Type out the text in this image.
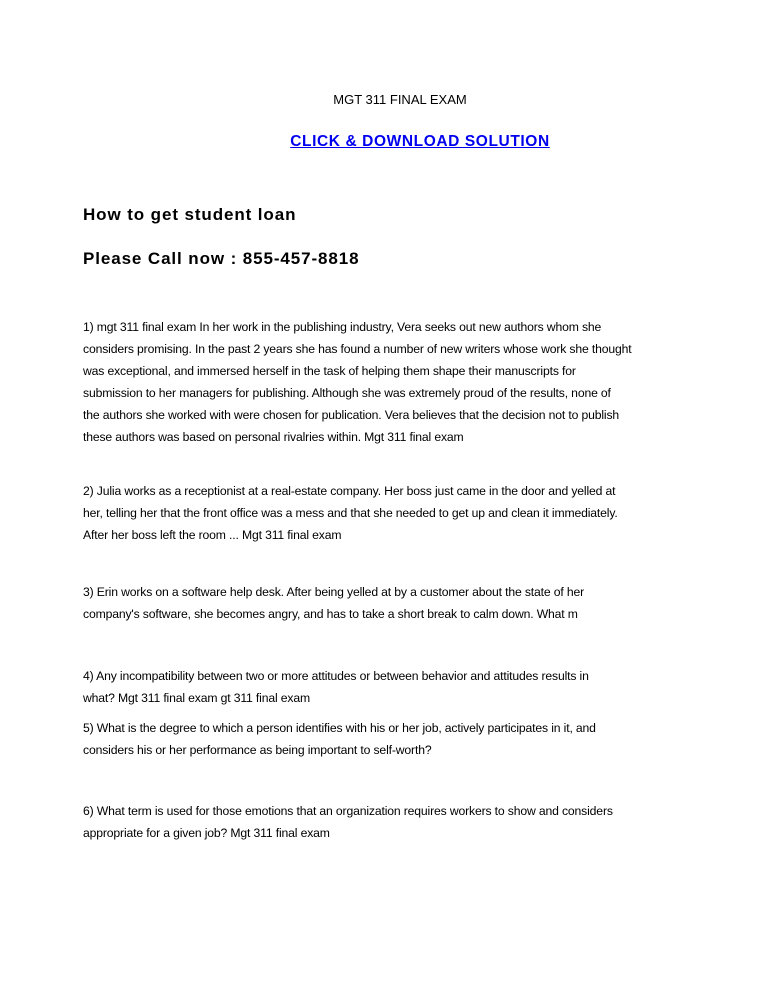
MGT 311 FINAL EXAM
CLICK & DOWNLOAD SOLUTION
How to get student loan
Please Call now : 855-457-8818
1) mgt 311 final exam In her work in the publishing industry, Vera seeks out new authors whom she
considers promising. In the past 2 years she has found a number of new writers whose work she thought
was exceptional, and immersed herself in the task of helping them shape their manuscripts for
submission to her managers for publishing. Although she was extremely proud of the results, none of
the authors she worked with were chosen for publication. Vera believes that the decision not to publish
these authors was based on personal rivalries within. Mgt 311 final exam
2) Julia works as a receptionist at a real-estate company. Her boss just came in the door and yelled at
her, telling her that the front office was a mess and that she needed to get up and clean it immediately.
After her boss left the room ... Mgt 311 final exam
3) Erin works on a software help desk. After being yelled at by a customer about the state of her
company's software, she becomes angry, and has to take a short break to calm down. What m
4) Any incompatibility between two or more attitudes or between behavior and attitudes results in
what? Mgt 311 final exam gt 311 final exam
5) What is the degree to which a person identifies with his or her job, actively participates in it, and
considers his or her performance as being important to self-worth?
6) What term is used for those emotions that an organization requires workers to show and considers
appropriate for a given job? Mgt 311 final exam
